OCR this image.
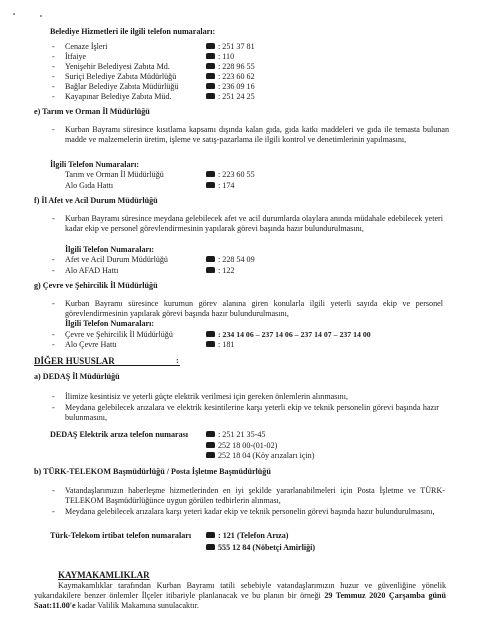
Belediye Hizmetleri ile ilgili telefon numaraları:
- Cenaze İşleri	: 251 37 81
- İtfaiye	: 110
- Yenişehir Belediyesi Zabıta Md.	: 228 96 55
- Suriçi Belediye Zabıta Müdürlüğü	: 223 60 62
- Bağlar Belediye Zabıta Müdürlüğü	: 236 09 16
- Kayapınar Belediye Zabıta Müd.	: 251 24 25
e) Tarım ve Orman İl Müdürlüğü
- Kurban Bayramı süresince kısıtlama kapsamı dışında kalan gıda, gıda katkı maddeleri ve gıda ile temasta bulunan madde ve malzemelerin üretim, işleme ve satış-pazarlama ile ilgili kontrol ve denetimlerinin yapılmasını,
İlgili Telefon Numaraları:
Tarım ve Orman İl Müdürlüğü	: 223 60 55
Alo Gıda Hattı	: 174
f) İl Afet ve Acil Durum Müdürlüğü
- Kurban Bayramı süresince meydana gelebilecek afet ve acil durumlarda olaylara anında müdahale edebilecek yeteri kadar ekip ve personel görevlendirmesinin yapılarak görevi başında hazır bulundurulmasını,
İlgili Telefon Numaraları:
- Afet ve Acil Durum Müdürlüğü	: 228 54 09
- Alo AFAD Hattı	: 122
g) Çevre ve Şehircilik İl Müdürlüğü
- Kurban Bayramı süresince kurumun görev alanına giren konularla ilgili yeterli sayıda ekip ve personel görevlendirmesinin yapılarak görevi başında hazır bulundurulmasını,
İlgili Telefon Numaraları:
- Çevre ve Şehircilik İl Müdürlüğü	: 234 14 06 – 237 14 06 – 237 14 07 – 237 14 00
- Alo Çevre Hattı	: 181
DİĞER HUSUSLAR	:
a) DEDAŞ İl Müdürlüğü
- İlimize kesintisiz ve yeterli güçte elektrik verilmesi için gereken önlemlerin alınmasını,
- Meydana gelebilecek arızalara ve elektrik kesintilerine karşı yeterli ekip ve teknik personelin görevi başında hazır bulunmasını,
DEDAŞ Elektrik arıza telefon numarası	: 251 21 35-45
252 18 00-(01-02)
252 18 04 (Köy arızaları için)
b) TÜRK-TELEKOM Başmüdürlüğü / Posta İşletme Başmüdürlüğü
- Vatandaşlarımızın haberleşme hizmetlerinden en iyi şekilde yararlanabilmeleri için Posta İşletme ve TÜRK-TELEKOM Başmüdürlüğünce uygun görülen tedbirlerin alınması,
- Meydana gelebilecek arızalara karşı yeteri kadar ekip ve teknik personelin görevi başında hazır bulundurulmasını,
Türk-Telekom irtibat telefon numaraları	: 121 (Telefon Arıza)
555 12 84 (Nöbetçi Amirliği)
KAYMAKAMLIKLAR
Kaymakamlıklar tarafından Kurban Bayramı tatili sebebiyle vatandaşlarımızın huzur ve güvenliğine yönelik yukarıdakilere benzer önlemler İlçeler itibariyle planlanacak ve bu planın bir örneği 29 Temmuz 2020 Çarşamba günü Saat:11.00'e kadar Valilik Makamına sunulacaktır.
